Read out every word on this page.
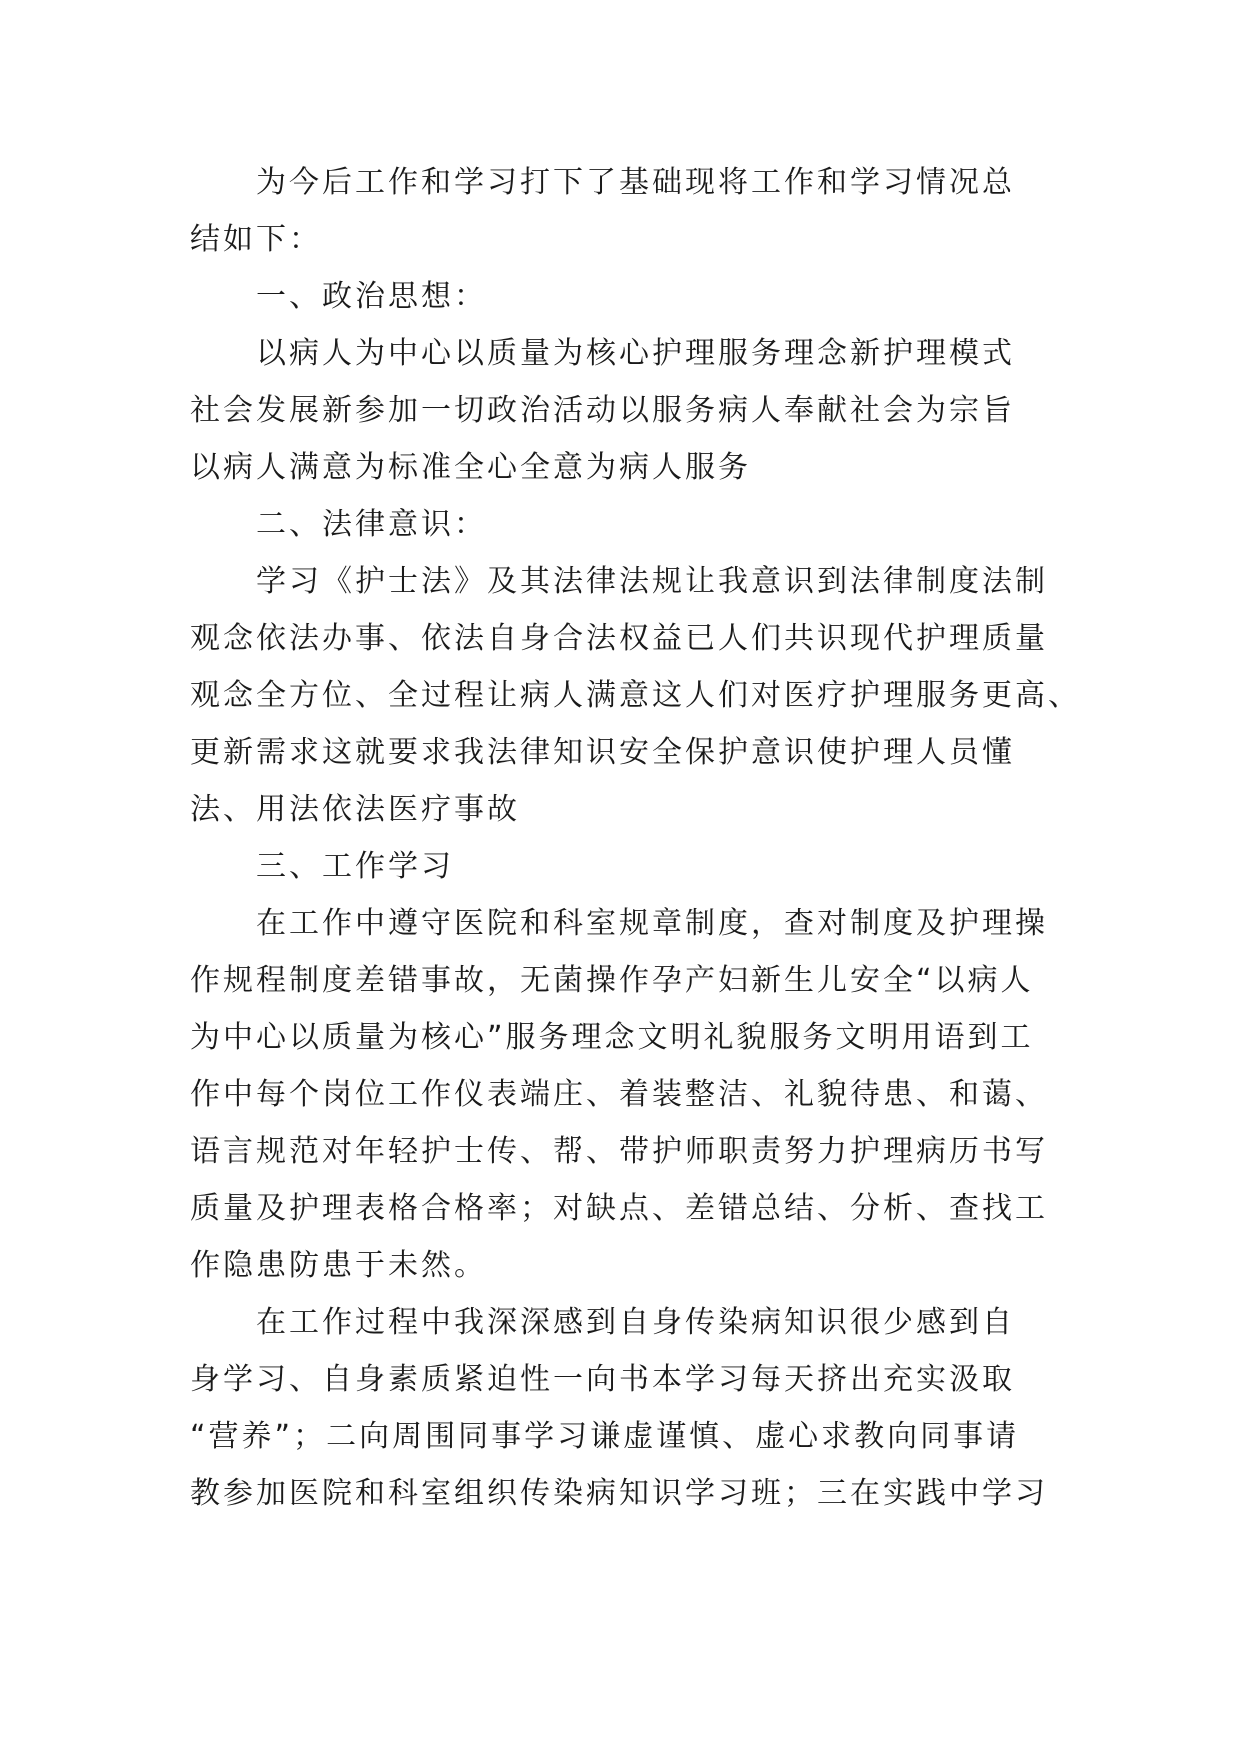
为今后工作和学习打下了基础现将工作和学习情况总
结如下：
一、政治思想：
以病人为中心以质量为核心护理服务理念新护理模式
社会发展新参加一切政治活动以服务病人奉献社会为宗旨
以病人满意为标准全心全意为病人服务
二、法律意识：
学习《护士法》及其法律法规让我意识到法律制度法制
观念依法办事、依法自身合法权益已人们共识现代护理质量
观念全方位、全过程让病人满意这人们对医疗护理服务更高、
更新需求这就要求我法律知识安全保护意识使护理人员懂
法、用法依法医疗事故
三、工作学习
在工作中遵守医院和科室规章制度，查对制度及护理操
作规程制度差错事故，无菌操作孕产妇新生儿安全“以病人
为中心以质量为核心”服务理念文明礼貌服务文明用语到工
作中每个岗位工作仪表端庄、着装整洁、礼貌待患、和蔼、
语言规范对年轻护士传、帮、带护师职责努力护理病历书写
质量及护理表格合格率；对缺点、差错总结、分析、查找工
作隐患防患于未然。
在工作过程中我深深感到自身传染病知识很少感到自
身学习、自身素质紧迫性一向书本学习每天挤出充实汲取
“营养”；二向周围同事学习谦虚谨慎、虚心求教向同事请
教参加医院和科室组织传染病知识学习班；三在实践中学习
